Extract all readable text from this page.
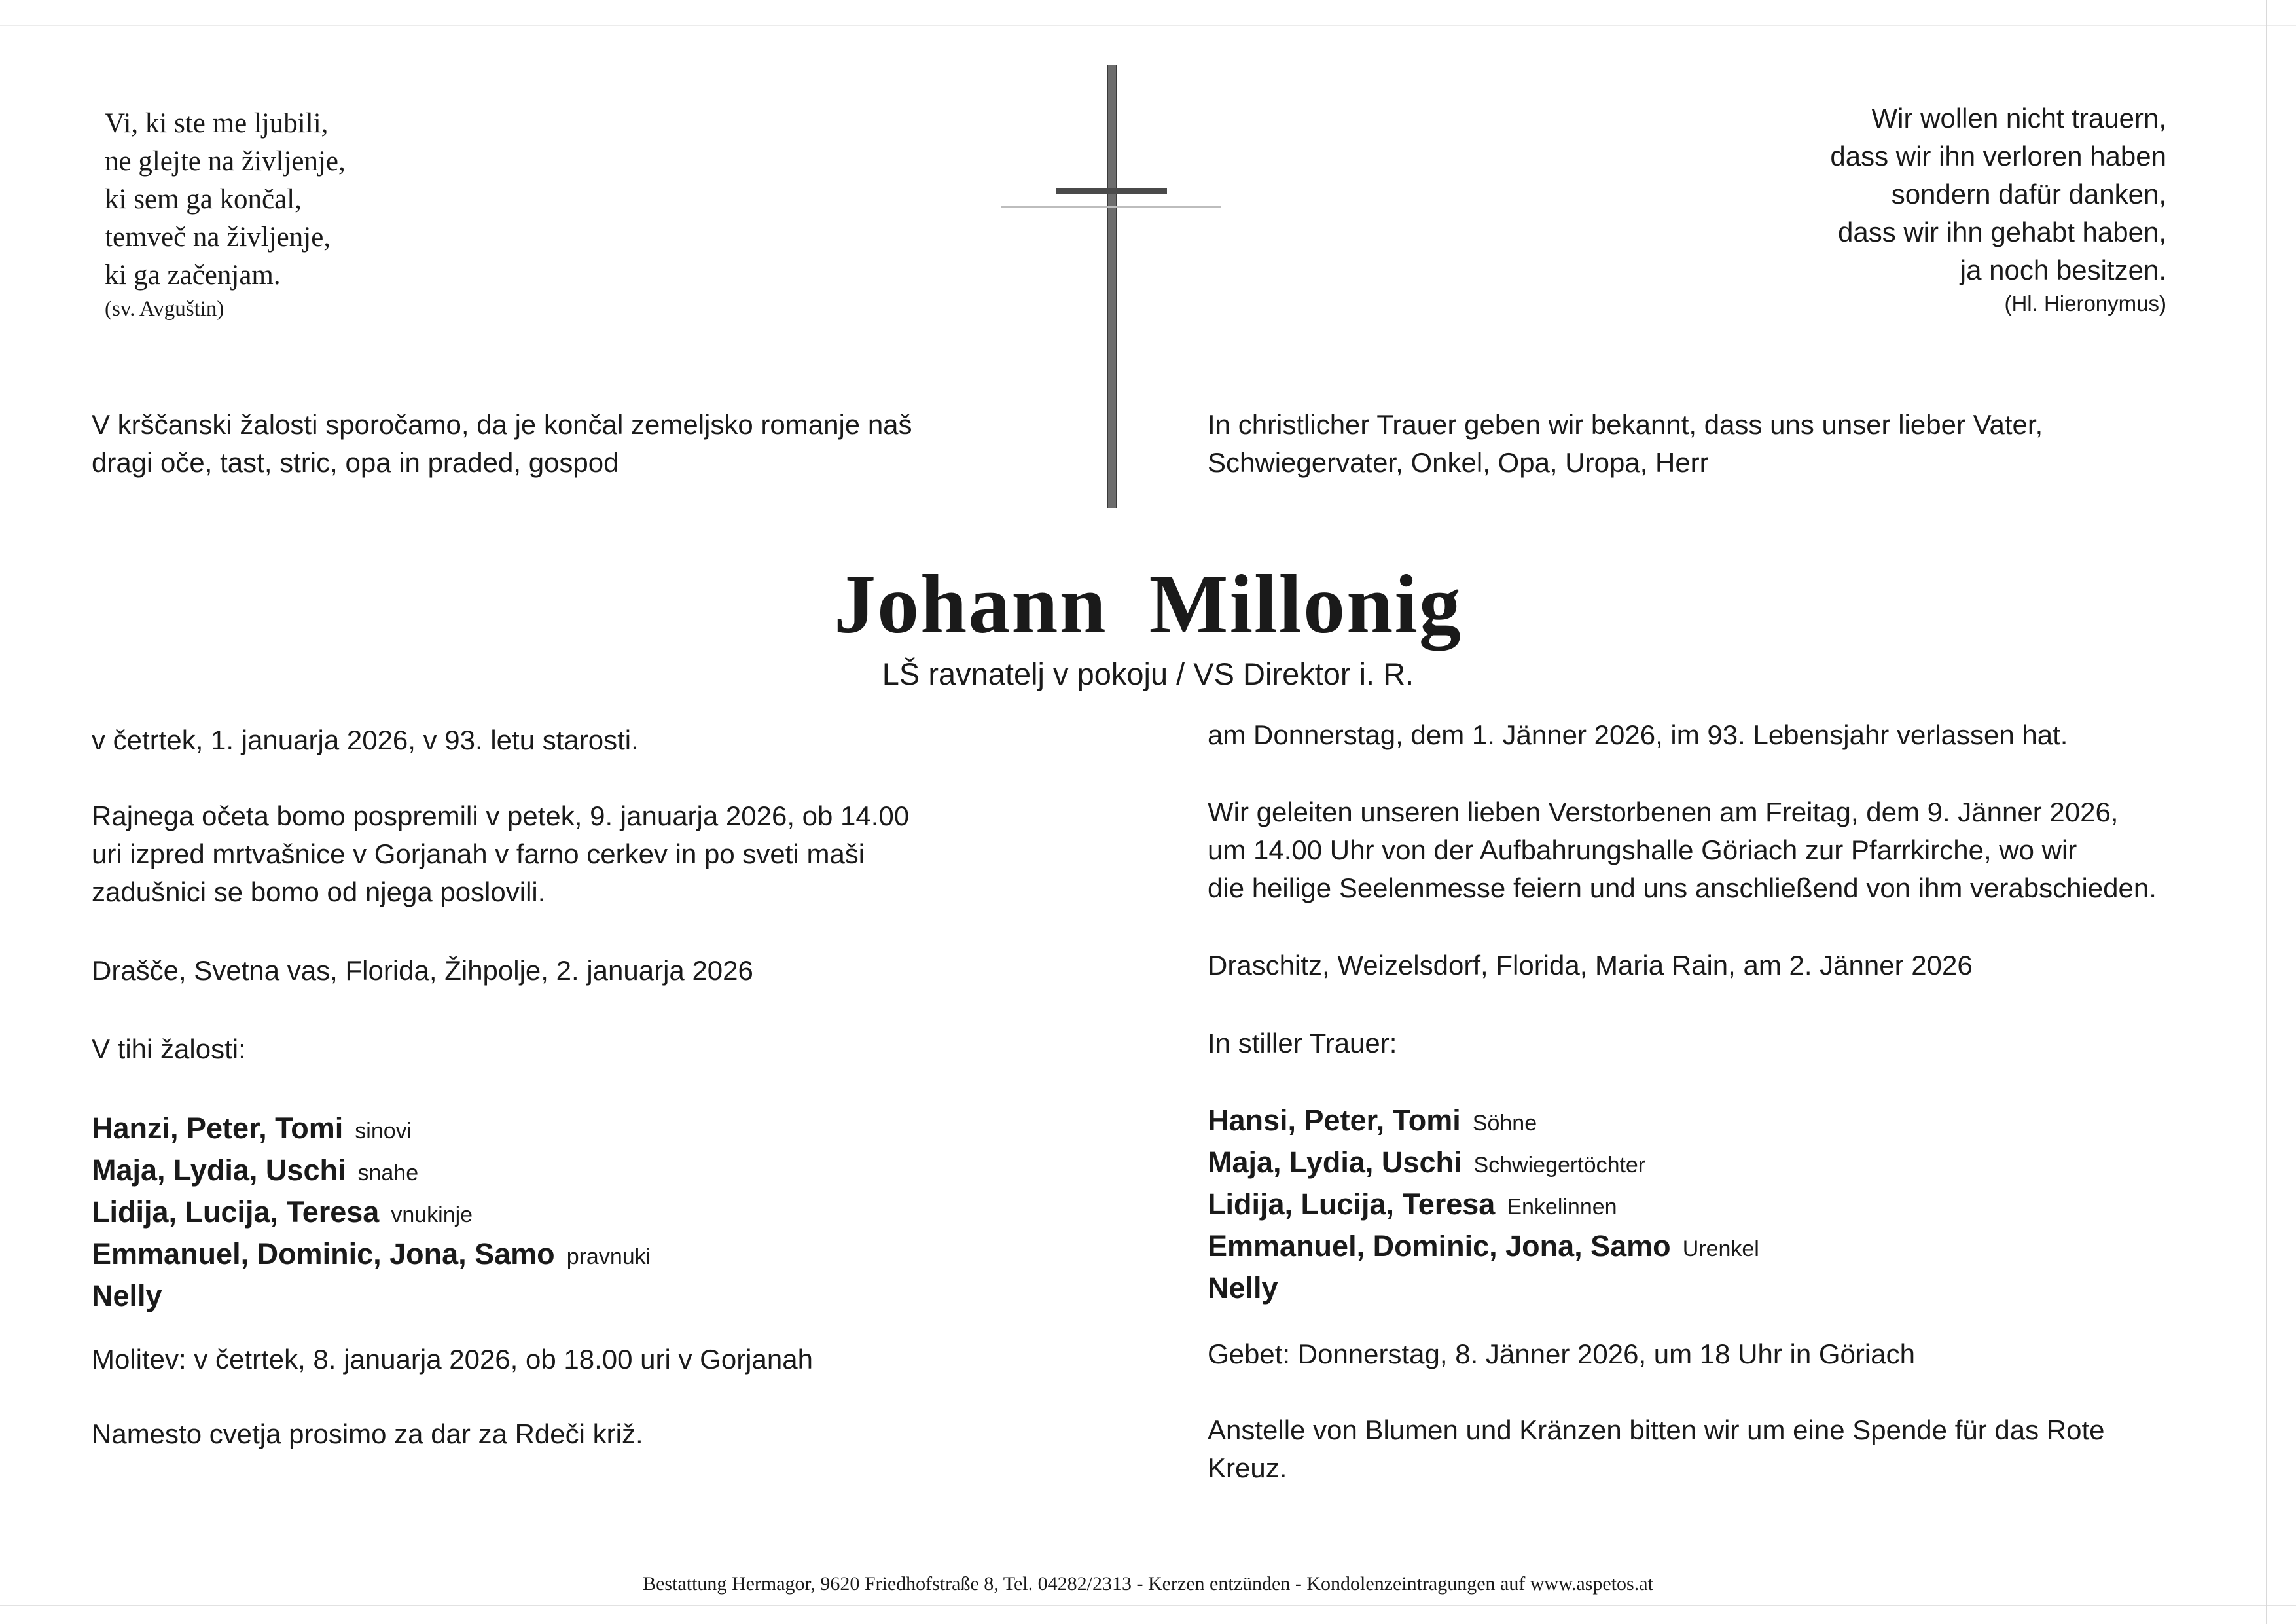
Vi, ki ste me ljubili,
ne glejte na življenje,
ki sem ga končal,
temveč na življenje,
ki ga začenjam.
(sv. Avguštin)
Wir wollen nicht trauern,
dass wir ihn verloren haben
sondern dafür danken,
dass wir ihn gehabt haben,
ja noch besitzen.
(Hl. Hieronymus)
V krščanski žalosti sporočamo, da je končal zemeljsko romanje naš
dragi oče, tast, stric, opa in praded, gospod
In christlicher Trauer geben wir bekannt, dass uns unser lieber Vater,
Schwiegervater, Onkel, Opa, Uropa, Herr
Johann Millonig
LŠ ravnatelj v pokoju / VS Direktor i. R.
v četrtek, 1. januarja 2026, v 93. letu starosti.
Rajnega očeta bomo pospremili v petek, 9. januarja 2026, ob 14.00
uri izpred mrtvašnice v Gorjanah v farno cerkev in po sveti maši
zadušnici se bomo od njega poslovili.
Drašče, Svetna vas, Florida, Žihpolje, 2. januarja 2026
V tihi žalosti:
Hanzi, Peter, Tomi sinovi
Maja, Lydia, Uschi snahe
Lidija, Lucija, Teresa vnukinje
Emmanuel, Dominic, Jona, Samo pravnuki
Nelly
Molitev: v četrtek, 8. januarja 2026, ob 18.00 uri v Gorjanah
Namesto cvetja prosimo za dar za Rdeči križ.
am Donnerstag, dem 1. Jänner 2026, im 93. Lebensjahr verlassen hat.
Wir geleiten unseren lieben Verstorbenen am Freitag, dem 9. Jänner 2026,
um 14.00 Uhr von der Aufbahrungshalle Göriach zur Pfarrkirche, wo wir
die heilige Seelenmesse feiern und uns anschließend von ihm verabschieden.
Draschitz, Weizelsdorf, Florida, Maria Rain, am 2. Jänner 2026
In stiller Trauer:
Hansi, Peter, Tomi Söhne
Maja, Lydia, Uschi Schwiegertöchter
Lidija, Lucija, Teresa Enkelinnen
Emmanuel, Dominic, Jona, Samo Urenkel
Nelly
Gebet: Donnerstag, 8. Jänner 2026, um 18 Uhr in Göriach
Anstelle von Blumen und Kränzen bitten wir um eine Spende für das Rote Kreuz.
Bestattung Hermagor, 9620 Friedhofstraße 8, Tel. 04282/2313 - Kerzen entzünden - Kondolenzeintragungen auf www.aspetos.at
